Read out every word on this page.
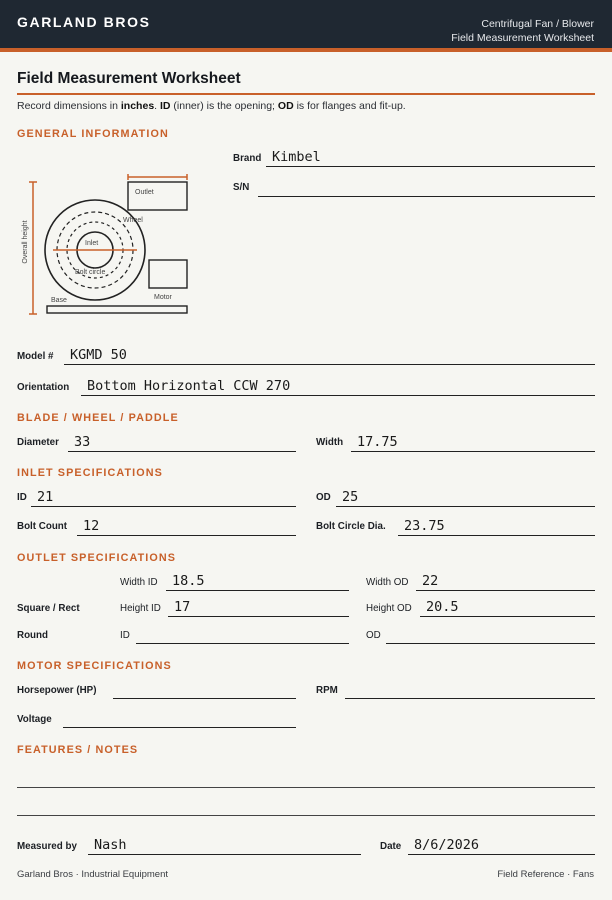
GARLAND BROS	Centrifugal Fan / Blower
Field Measurement Worksheet
Field Measurement Worksheet
Record dimensions in inches. ID (inner) is the opening; OD is for flanges and fit-up.
GENERAL INFORMATION
Brand Kimbel
S/N
Overall height
Outlet
Wheel
Inlet
Bolt circle
Motor
Base
Model # KGMD 50
Orientation Bottom Horizontal CCW 270
BLADE / WHEEL / PADDLE
Diameter 33	Width 17.75
INLET SPECIFICATIONS
ID 21	OD 25
Bolt Count 12	Bolt Circle Dia. 23.75
OUTLET SPECIFICATIONS
Width ID 18.5	Width OD 22
Square / Rect	Height ID 17	Height OD 20.5
Round	ID	OD
MOTOR SPECIFICATIONS
Horsepower (HP)	RPM
Voltage
FEATURES / NOTES
Measured by Nash	Date 8/6/2026
Garland Bros · Industrial Equipment	Field Reference · Fans
